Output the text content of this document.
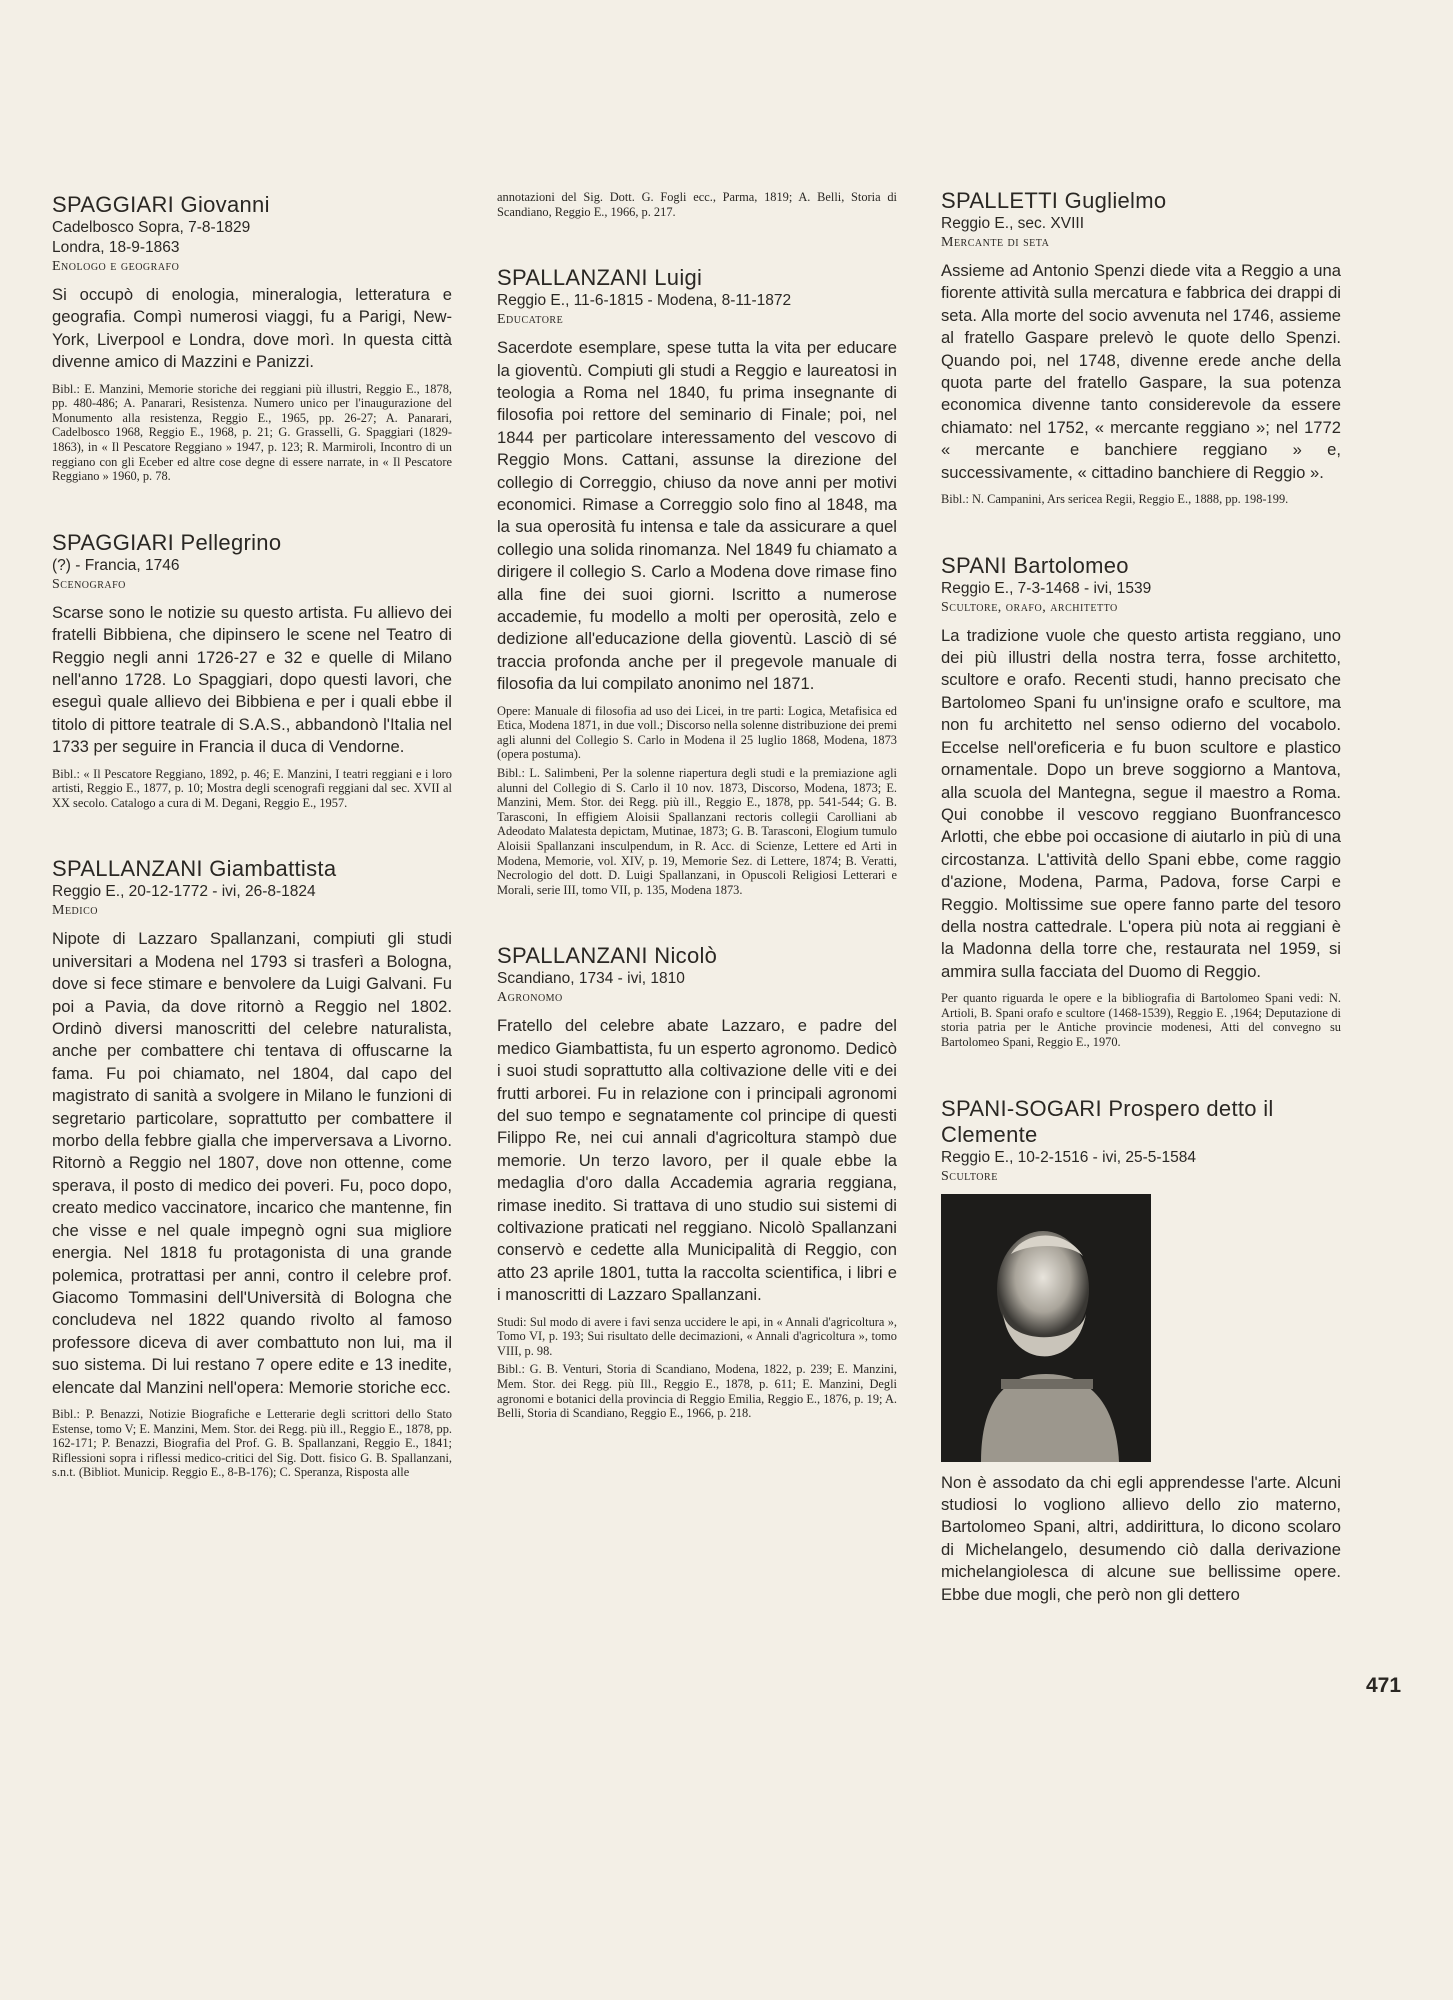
SPAGGIARI Giovanni
Cadelbosco Sopra, 7-8-1829
Londra, 18-9-1863
Enologo e geografo

Si occupò di enologia, mineralogia, letteratura e geografia. Compì numerosi viaggi, fu a Parigi, New-York, Liverpool e Londra, dove morì. In questa città divenne amico di Mazzini e Panizzi.

Bibl.: E. Manzini, Memorie storiche dei reggiani più illustri, Reggio E., 1878, pp. 480-486; A. Panarari, Resistenza. Numero unico per l'inaugurazione del Monumento alla resistenza, Reggio E., 1965, pp. 26-27; A. Panarari, Cadelbosco 1968, Reggio E., 1968, p. 21; G. Grasselli, G. Spaggiari (1829-1863), in « Il Pescatore Reggiano » 1947, p. 123; R. Marmiroli, Incontro di un reggiano con gli Eceber ed altre cose degne di essere narrate, in « Il Pescatore Reggiano » 1960, p. 78.

SPAGGIARI Pellegrino
(?) - Francia, 1746
Scenografo

Scarse sono le notizie su questo artista. Fu allievo dei fratelli Bibbiena, che dipinsero le scene nel Teatro di Reggio negli anni 1726-27 e 32 e quelle di Milano nell'anno 1728. Lo Spaggiari, dopo questi lavori, che eseguì quale allievo dei Bibbiena e per i quali ebbe il titolo di pittore teatrale di S.A.S., abbandonò l'Italia nel 1733 per seguire in Francia il duca di Vendorne.

Bibl.: « Il Pescatore Reggiano, 1892, p. 46; E. Manzini, I teatri reggiani e i loro artisti, Reggio E., 1877, p. 10; Mostra degli scenografi reggiani dal sec. XVII al XX secolo. Catalogo a cura di M. Degani, Reggio E., 1957.

SPALLANZANI Giambattista
Reggio E., 20-12-1772 - ivi, 26-8-1824
Medico

Nipote di Lazzaro Spallanzani, compiuti gli studi universitari a Modena nel 1793 si trasferì a Bologna, dove si fece stimare e benvolere da Luigi Galvani. Fu poi a Pavia, da dove ritornò a Reggio nel 1802. Ordinò diversi manoscritti del celebre naturalista, anche per combattere chi tentava di offuscarne la fama. Fu poi chiamato, nel 1804, dal capo del magistrato di sanità a svolgere in Milano le funzioni di segretario particolare, soprattutto per combattere il morbo della febbre gialla che imperversava a Livorno. Ritornò a Reggio nel 1807, dove non ottenne, come sperava, il posto di medico dei poveri. Fu, poco dopo, creato medico vaccinatore, incarico che mantenne, fin che visse e nel quale impegnò ogni sua migliore energia. Nel 1818 fu protagonista di una grande polemica, protrattasi per anni, contro il celebre prof. Giacomo Tommasini dell'Università di Bologna che concludeva nel 1822 quando rivolto al famoso professore diceva di aver combattuto non lui, ma il suo sistema. Di lui restano 7 opere edite e 13 inedite, elencate dal Manzini nell'opera: Memorie storiche ecc.

Bibl.: P. Benazzi, Notizie Biografiche e Letterarie degli scrittori dello Stato Estense, tomo V; E. Manzini, Mem. Stor. dei Regg. più ill., Reggio E., 1878, pp. 162-171; P. Benazzi, Biografia del Prof. G. B. Spallanzani, Reggio E., 1841; Riflessioni sopra i riflessi medico-critici del Sig. Dott. fisico G. B. Spallanzani, s.n.t. (Bibliot. Municip. Reggio E., 8-B-176); C. Speranza, Risposta alle

annotazioni del Sig. Dott. G. Fogli ecc., Parma, 1819; A. Belli, Storia di Scandiano, Reggio E., 1966, p. 217.

SPALLANZANI Luigi
Reggio E., 11-6-1815 - Modena, 8-11-1872
Educatore

Sacerdote esemplare, spese tutta la vita per educare la gioventù. Compiuti gli studi a Reggio e laureatosi in teologia a Roma nel 1840, fu prima insegnante di filosofia poi rettore del seminario di Finale; poi, nel 1844 per particolare interessamento del vescovo di Reggio Mons. Cattani, assunse la direzione del collegio di Correggio, chiuso da nove anni per motivi economici. Rimase a Correggio solo fino al 1848, ma la sua operosità fu intensa e tale da assicurare a quel collegio una solida rinomanza. Nel 1849 fu chiamato a dirigere il collegio S. Carlo a Modena dove rimase fino alla fine dei suoi giorni. Iscritto a numerose accademie, fu modello a molti per operosità, zelo e dedizione all'educazione della gioventù. Lasciò di sé traccia profonda anche per il pregevole manuale di filosofia da lui compilato anonimo nel 1871.

Opere: Manuale di filosofia ad uso dei Licei, in tre parti: Logica, Metafisica ed Etica, Modena 1871, in due voll.; Discorso nella solenne distribuzione dei premi agli alunni del Collegio S. Carlo in Modena il 25 luglio 1868, Modena, 1873 (opera postuma).

Bibl.: L. Salimbeni, Per la solenne riapertura degli studi e la premiazione agli alunni del Collegio di S. Carlo il 10 nov. 1873, Discorso, Modena, 1873; E. Manzini, Mem. Stor. dei Regg. più ill., Reggio E., 1878, pp. 541-544; G. B. Tarasconi, In effigiem Aloisii Spallanzani rectoris collegii Carolliani ab Adeodato Malatesta depictam, Mutinae, 1873; G. B. Tarasconi, Elogium tumulo Aloisii Spallanzani insculpendum, in R. Acc. di Scienze, Lettere ed Arti in Modena, Memorie, vol. XIV, p. 19, Memorie Sez. di Lettere, 1874; B. Veratti, Necrologio del dott. D. Luigi Spallanzani, in Opuscoli Religiosi Letterari e Morali, serie III, tomo VII, p. 135, Modena 1873.

SPALLANZANI Nicolò
Scandiano, 1734 - ivi, 1810
Agronomo

Fratello del celebre abate Lazzaro, e padre del medico Giambattista, fu un esperto agronomo. Dedicò i suoi studi soprattutto alla coltivazione delle viti e dei frutti arborei. Fu in relazione con i principali agronomi del suo tempo e segnatamente col principe di questi Filippo Re, nei cui annali d'agricoltura stampò due memorie. Un terzo lavoro, per il quale ebbe la medaglia d'oro dalla Accademia agraria reggiana, rimase inedito. Si trattava di uno studio sui sistemi di coltivazione praticati nel reggiano. Nicolò Spallanzani conservò e cedette alla Municipalità di Reggio, con atto 23 aprile 1801, tutta la raccolta scientifica, i libri e i manoscritti di Lazzaro Spallanzani.

Studi: Sul modo di avere i favi senza uccidere le api, in « Annali d'agricoltura », Tomo VI, p. 193; Sui risultato delle decimazioni, « Annali d'agricoltura », tomo VIII, p. 98.

Bibl.: G. B. Venturi, Storia di Scandiano, Modena, 1822, p. 239; E. Manzini, Mem. Stor. dei Regg. più Ill., Reggio E., 1878, p. 611; E. Manzini, Degli agronomi e botanici della provincia di Reggio Emilia, Reggio E., 1876, p. 19; A. Belli, Storia di Scandiano, Reggio E., 1966, p. 218.

SPALLETTI Guglielmo
Reggio E., sec. XVIII
Mercante di seta

Assieme ad Antonio Spenzi diede vita a Reggio a una fiorente attività sulla mercatura e fabbrica dei drappi di seta. Alla morte del socio avvenuta nel 1746, assieme al fratello Gaspare prelevò le quote dello Spenzi. Quando poi, nel 1748, divenne erede anche della quota parte del fratello Gaspare, la sua potenza economica divenne tanto considerevole da essere chiamato: nel 1752, « mercante reggiano »; nel 1772 « mercante e banchiere reggiano » e, successivamente, « cittadino banchiere di Reggio ».

Bibl.: N. Campanini, Ars sericea Regii, Reggio E., 1888, pp. 198-199.

SPANI Bartolomeo
Reggio E., 7-3-1468 - ivi, 1539
Scultore, orafo, architetto

La tradizione vuole che questo artista reggiano, uno dei più illustri della nostra terra, fosse architetto, scultore e orafo. Recenti studi, hanno precisato che Bartolomeo Spani fu un'insigne orafo e scultore, ma non fu architetto nel senso odierno del vocabolo. Eccelse nell'oreficeria e fu buon scultore e plastico ornamentale. Dopo un breve soggiorno a Mantova, alla scuola del Mantegna, segue il maestro a Roma. Qui conobbe il vescovo reggiano Buonfrancesco Arlotti, che ebbe poi occasione di aiutarlo in più di una circostanza. L'attività dello Spani ebbe, come raggio d'azione, Modena, Parma, Padova, forse Carpi e Reggio. Moltissime sue opere fanno parte del tesoro della nostra cattedrale. L'opera più nota ai reggiani è la Madonna della torre che, restaurata nel 1959, si ammira sulla facciata del Duomo di Reggio.

Per quanto riguarda le opere e la bibliografia di Bartolomeo Spani vedi: N. Artioli, B. Spani orafo e scultore (1468-1539), Reggio E. ,1964; Deputazione di storia patria per le Antiche provincie modenesi, Atti del convegno su Bartolomeo Spani, Reggio E., 1970.

SPANI-SOGARI Prospero detto il Clemente
Reggio E., 10-2-1516 - ivi, 25-5-1584
Scultore

Non è assodato da chi egli apprendesse l'arte. Alcuni studiosi lo vogliono allievo dello zio materno, Bartolomeo Spani, altri, addirittura, lo dicono scolaro di Michelangelo, desumendo ciò dalla derivazione michelangiolesca di alcune sue bellissime opere. Ebbe due mogli, che però non gli dettero

471
